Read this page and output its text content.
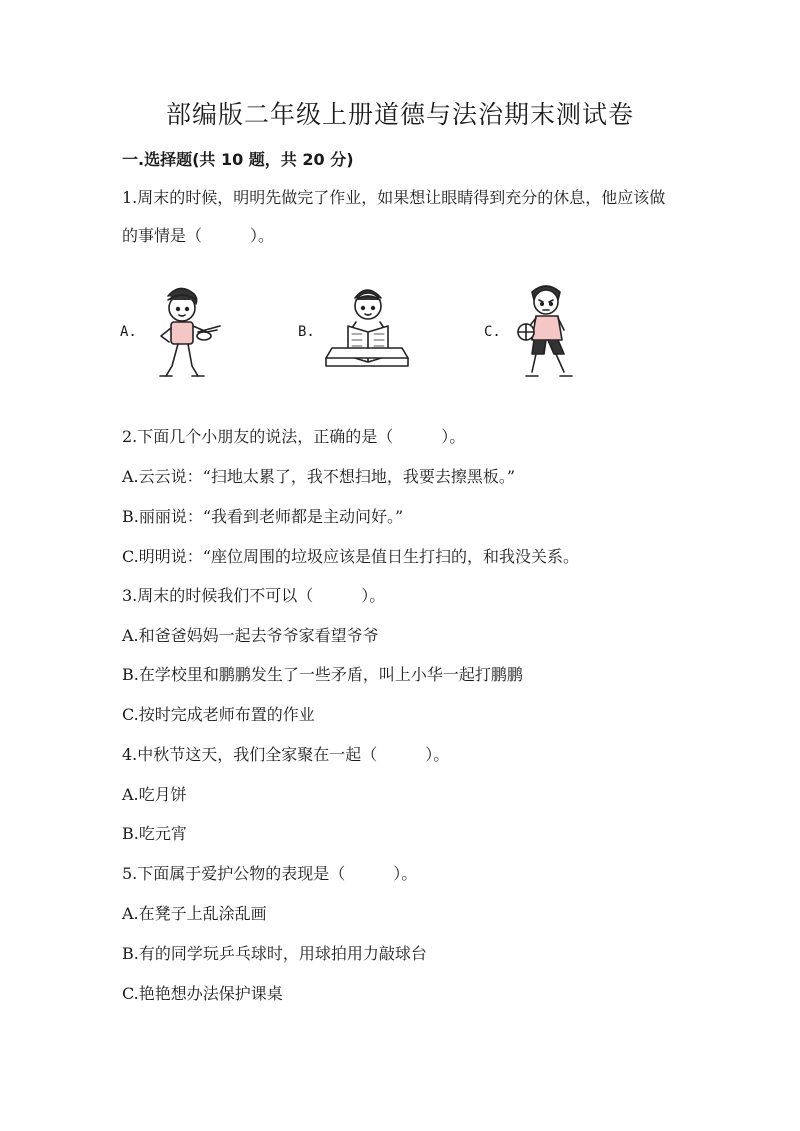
部编版二年级上册道德与法治期末测试卷
一.选择题(共 10 题，共 20 分)
1.周末的时候，明明先做完了作业，如果想让眼睛得到充分的休息，他应该做
的事情是（　　　）。
A.	B.	C.
2.下面几个小朋友的说法，正确的是（　　　）。
A.云云说：“扫地太累了，我不想扫地，我要去擦黑板。”
B.丽丽说：“我看到老师都是主动问好。”
C.明明说：“座位周围的垃圾应该是值日生打扫的，和我没关系。
3.周末的时候我们不可以（　　　）。
A.和爸爸妈妈一起去爷爷家看望爷爷
B.在学校里和鹏鹏发生了一些矛盾，叫上小华一起打鹏鹏
C.按时完成老师布置的作业
4.中秋节这天，我们全家聚在一起（　　　）。
A.吃月饼
B.吃元宵
5.下面属于爱护公物的表现是（　　　）。
A.在凳子上乱涂乱画
B.有的同学玩乒乓球时，用球拍用力敲球台
C.艳艳想办法保护课桌
